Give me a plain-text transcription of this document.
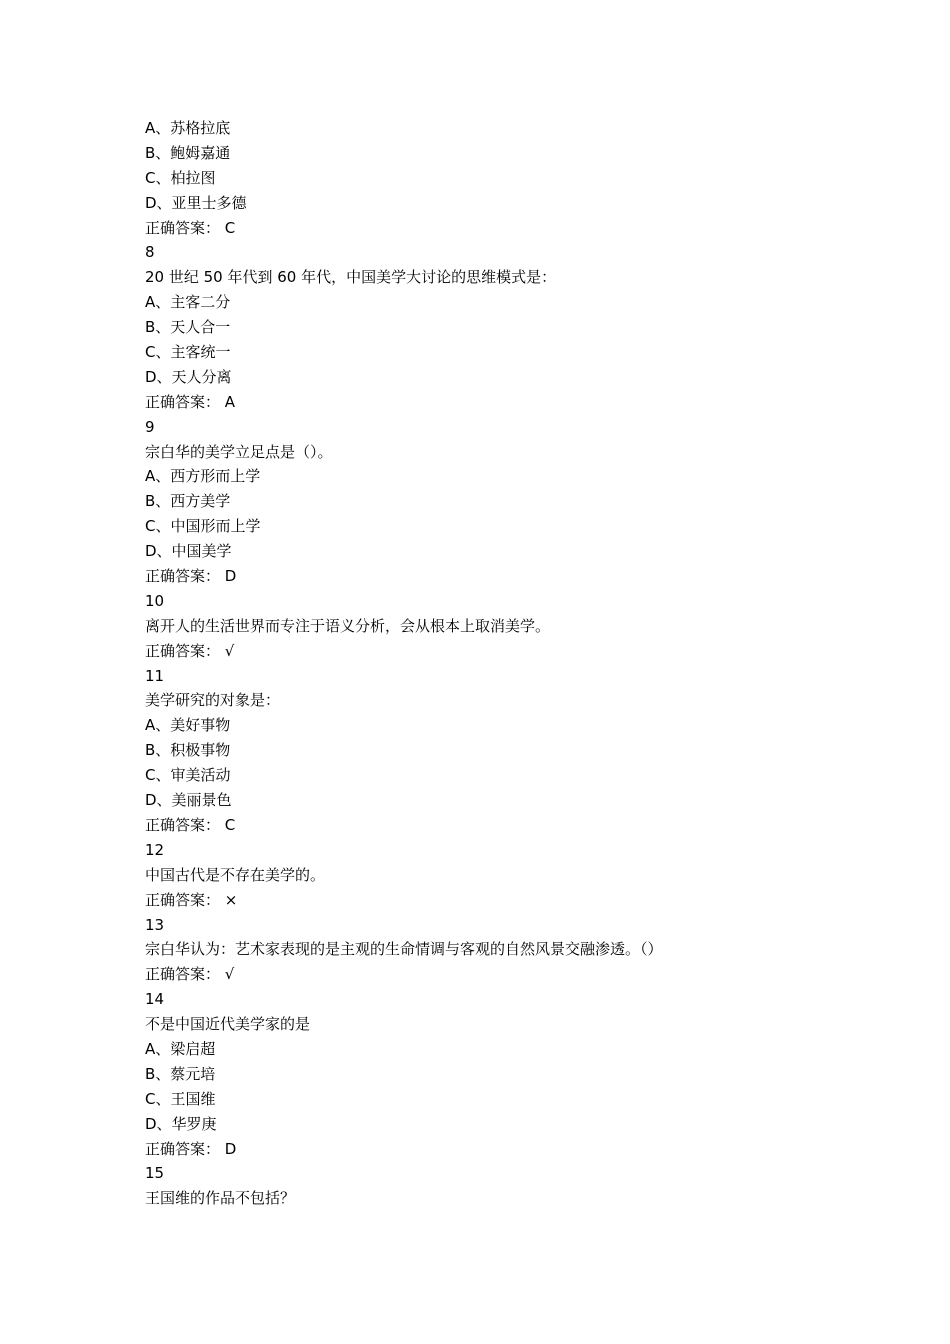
A、苏格拉底
B、鲍姆嘉通
C、柏拉图
D、亚里士多德
正确答案： C
8
20 世纪 50 年代到 60 年代，中国美学大讨论的思维模式是：
A、主客二分
B、天人合一
C、主客统一
D、天人分离
正确答案： A
9
宗白华的美学立足点是（）。
A、西方形而上学
B、西方美学
C、中国形而上学
D、中国美学
正确答案： D
10
离开人的生活世界而专注于语义分析，会从根本上取消美学。
正确答案： √
11
美学研究的对象是：
A、美好事物
B、积极事物
C、审美活动
D、美丽景色
正确答案： C
12
中国古代是不存在美学的。
正确答案： ×
13
宗白华认为：艺术家表现的是主观的生命情调与客观的自然风景交融渗透。（）
正确答案： √
14
不是中国近代美学家的是
A、梁启超
B、蔡元培
C、王国维
D、华罗庚
正确答案： D
15
王国维的作品不包括？
